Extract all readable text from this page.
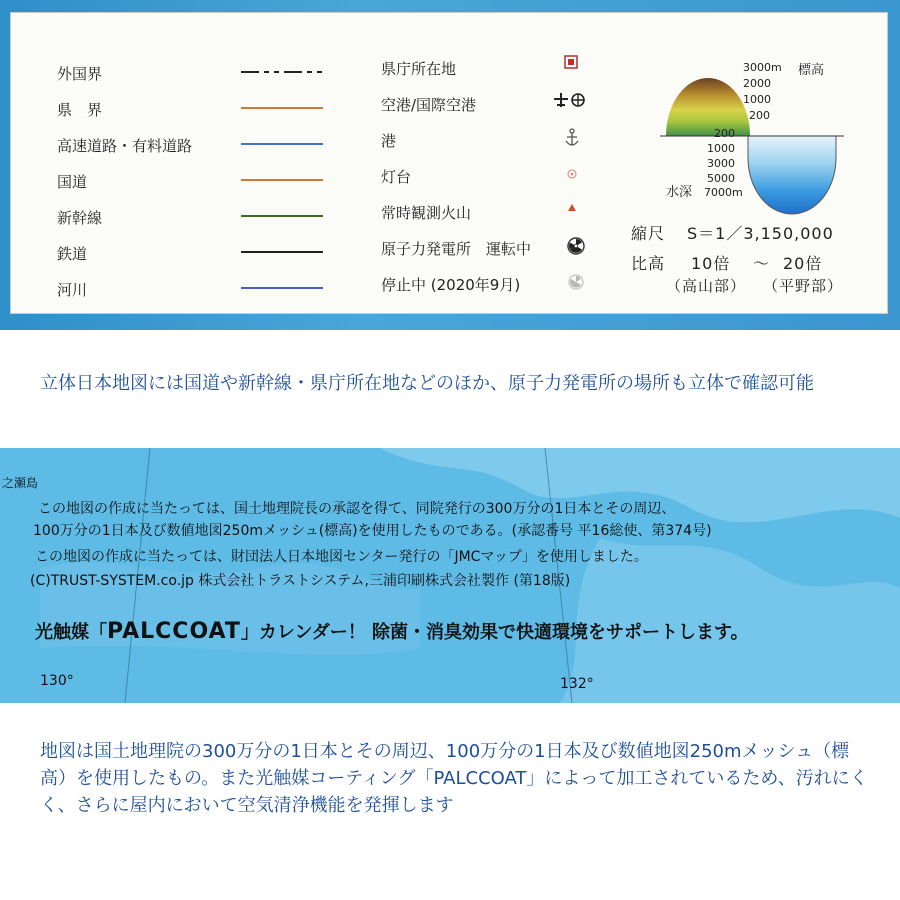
外国界
県　界
高速道路・有料道路
国道
新幹線
鉄道
河川
県庁所在地
空港/国際空港
港
灯台
常時観測火山
原子力発電所　運転中
停止中 (2020年9月)
3000m 標高
2000
1000
200
200
1000
3000
5000
7000m
水深
縮尺 S＝1／3,150,000
比高 10倍 ～ 20倍
（高山部） （平野部）
立体日本地図には国道や新幹線・県庁所在地などのほか、原子力発電所の場所も立体で確認可能
之瀬島
この地図の作成に当たっては、国土地理院長の承認を得て、同院発行の300万分の1日本とその周辺、
100万分の1日本及び数値地図250mメッシュ(標高)を使用したものである。(承認番号 平16総使、第374号)
この地図の作成に当たっては、財団法人日本地図センター発行の「JMCマップ」を使用しました。
(C)TRUST-SYSTEM.co.jp 株式会社トラストシステム,三浦印刷株式会社製作 (第18版)
光触媒「PALCCOAT」カレンダー！ 除菌・消臭効果で快適環境をサポートします。
130°	132°
地図は国土地理院の300万分の1日本とその周辺、100万分の1日本及び数値地図250mメッシュ（標高）を使用したもの。また光触媒コーティング「PALCCOAT」によって加工されているため、汚れにくく、さらに屋内において空気清浄機能を発揮します
